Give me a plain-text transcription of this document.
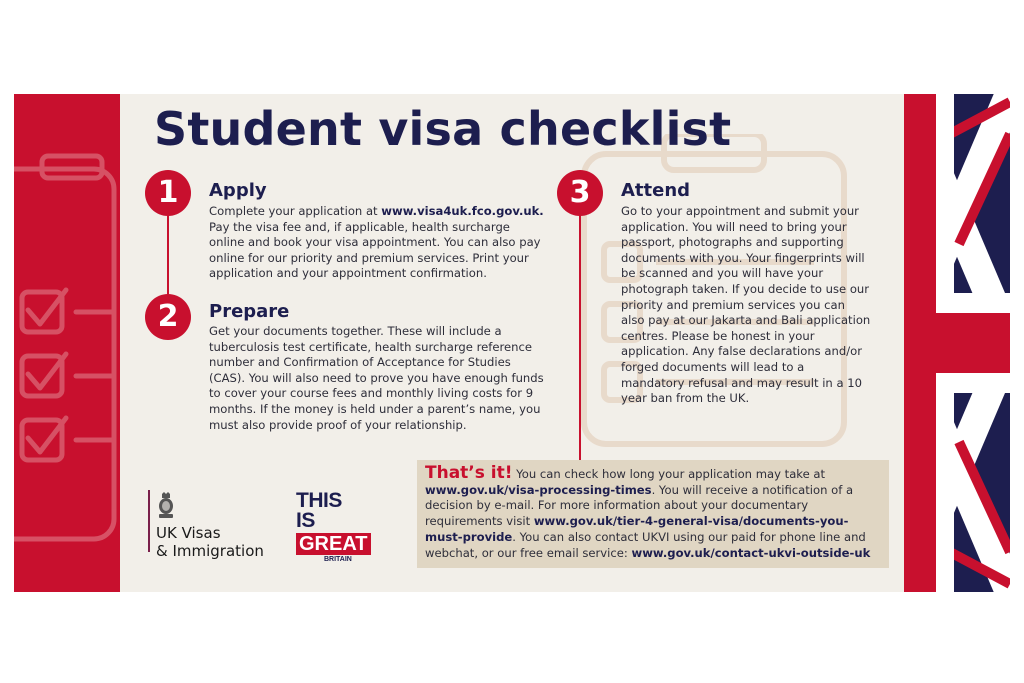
Student visa checklist
1
2
3
Apply

Complete your application at www.visa4uk.fco.gov.uk. Pay the visa fee and, if applicable, health surcharge online and book your visa appointment. You can also pay online for our priority and premium services. Print your application and your appointment confirmation.

Prepare

Get your documents together. These will include a tuberculosis test certificate, health surcharge reference number and Confirmation of Acceptance for Studies (CAS). You will also need to prove you have enough funds to cover your course fees and monthly living costs for 9 months. If the money is held under a parent’s name, you must also provide proof of your relationship.

Attend

Go to your appointment and submit your application. You will need to bring your passport, photographs and supporting documents with you. Your fingerprints will be scanned and you will have your photograph taken. If you decide to use our priority and premium services you can also pay at our Jakarta and Bali application centres. Please be honest in your application. Any false declarations and/or forged documents will lead to a mandatory refusal and may result in a 10 year ban from the UK.

That’s it! You can check how long your application may take at www.gov.uk/visa-processing-times. You will receive a notification of a decision by e-mail. For more information about your documentary requirements visit www.gov.uk/tier-4-general-visa/documents-you-must-provide. You can also contact UKVI using our paid for phone line and webchat, or our free email service: www.gov.uk/contact-ukvi-outside-uk
UK Visas
& Immigration
THIS
IS
GREAT
BRITAIN
